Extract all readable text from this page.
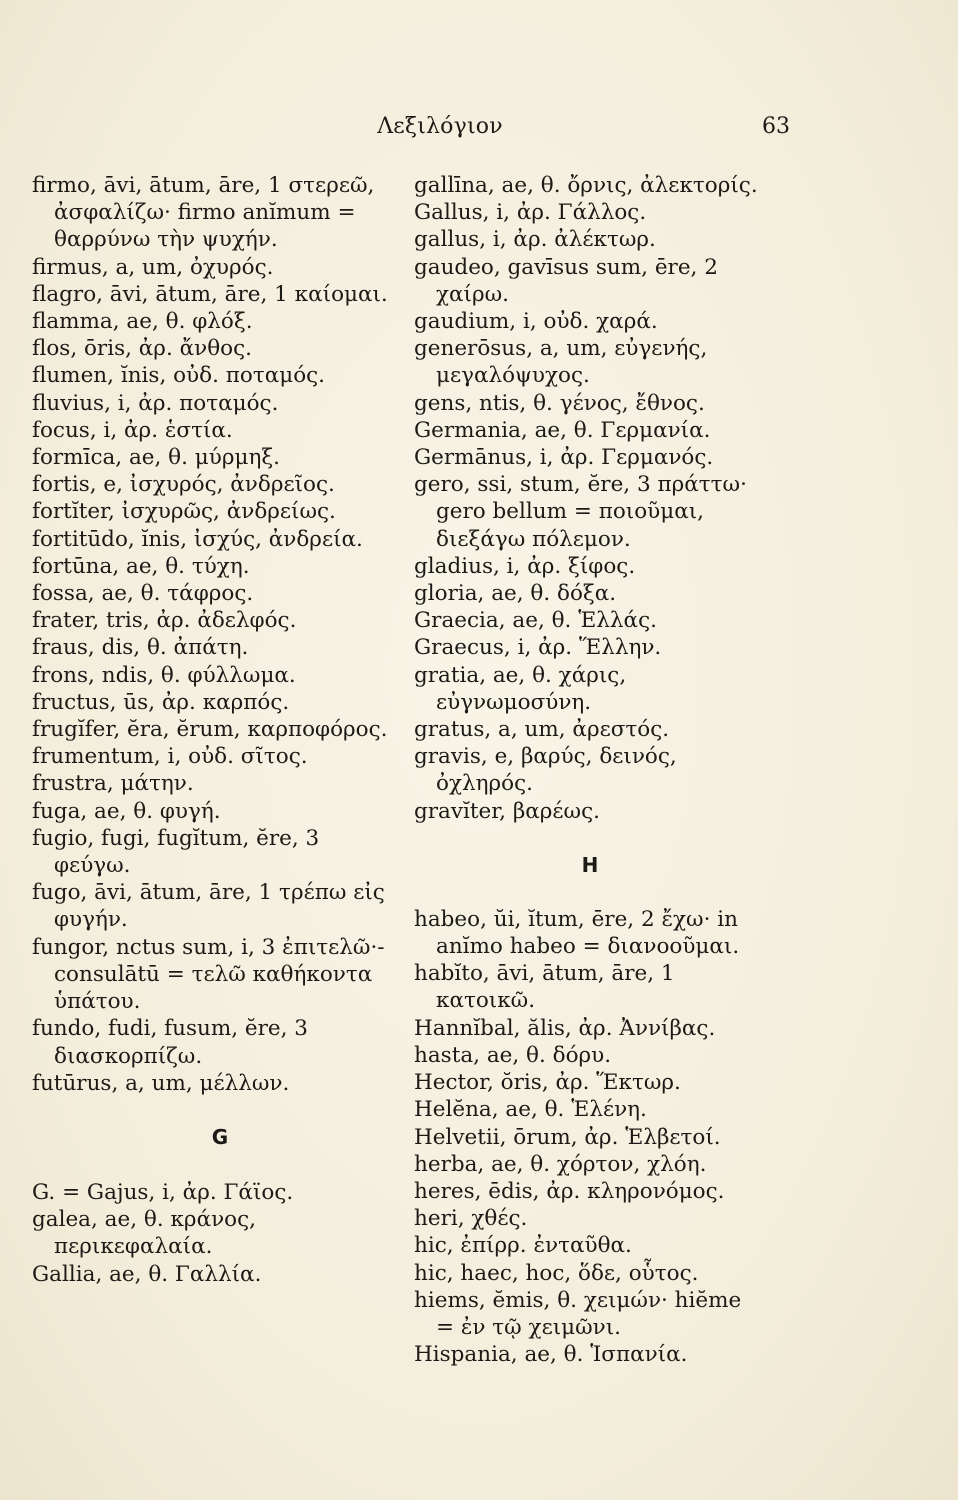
Λεξιλόγιον	63
firmo, āvi, ātum, āre, 1 στερεῶ, ἀσφαλίζω· firmo anĭmum = θαρρύνω τὴν ψυχήν.
firmus, a, um, ὀχυρός.
flagro, āvi, ātum, āre, 1 καίομαι.
flamma, ae, θ. φλόξ.
flos, ōris, ἀρ. ἄνθος.
flumen, ĭnis, οὐδ. ποταμός.
fluvius, i, ἀρ. ποταμός.
focus, i, ἀρ. ἑστία.
formīca, ae, θ. μύρμηξ.
fortis, e, ἰσχυρός, ἀνδρεῖος.
fortĭter, ἰσχυρῶς, ἀνδρείως.
fortitūdo, ĭnis, ἰσχύς, ἀνδρεία.
fortūna, ae, θ. τύχη.
fossa, ae, θ. τάφρος.
frater, tris, ἀρ. ἀδελφός.
fraus, dis, θ. ἀπάτη.
frons, ndis, θ. φύλλωμα.
fructus, ūs, ἀρ. καρπός.
frugĭfer, ĕra, ĕrum, καρποφόρος.
frumentum, i, οὐδ. σῖτος.
frustra, μάτην.
fuga, ae, θ. φυγή.
fugio, fugi, fugĭtum, ĕre, 3 φεύγω.
fugo, āvi, ātum, āre, 1 τρέπω εἰς φυγήν.
fungor, nctus sum, i, 3 ἐπιτελῶ·-consulātū = τελῶ καθήκοντα ὑπάτου.
fundo, fudi, fusum, ĕre, 3 διασκορπίζω.
futūrus, a, um, μέλλων.
G
G. = Gajus, i, ἀρ. Γάϊος.
galea, ae, θ. κράνος, περικεφαλαία.
Gallia, ae, θ. Γαλλία.
gallīna, ae, θ. ὄρνις, ἀλεκτορίς.
Gallus, i, ἀρ. Γάλλος.
gallus, i, ἀρ. ἀλέκτωρ.
gaudeo, gavīsus sum, ēre, 2 χαίρω.
gaudium, i, οὐδ. χαρά.
generōsus, a, um, εὐγενής, μεγαλόψυχος.
gens, ntis, θ. γένος, ἔθνος.
Germania, ae, θ. Γερμανία.
Germānus, i, ἀρ. Γερμανός.
gero, ssi, stum, ĕre, 3 πράττω· gero bellum = ποιοῦμαι, διεξάγω πόλεμον.
gladius, i, ἀρ. ξίφος.
gloria, ae, θ. δόξα.
Graecia, ae, θ. Ἑλλάς.
Graecus, i, ἀρ. Ἕλλην.
gratia, ae, θ. χάρις, εὐγνωμοσύνη.
gratus, a, um, ἀρεστός.
gravis, e, βαρύς, δεινός, ὀχληρός.
gravĭter, βαρέως.
H
habeo, ŭi, ĭtum, ēre, 2 ἔχω· in anĭmo habeo = διανοοῦμαι.
habĭto, āvi, ātum, āre, 1 κατοικῶ.
Hannĭbal, ălis, ἀρ. Ἀννίβας.
hasta, ae, θ. δόρυ.
Hector, ŏris, ἀρ. Ἕκτωρ.
Helĕna, ae, θ. Ἑλένη.
Helvetii, ōrum, ἀρ. Ἑλβετοί.
herba, ae, θ. χόρτον, χλόη.
heres, ēdis, ἀρ. κληρονόμος.
heri, χθές.
hic, ἐπίρρ. ἐνταῦθα.
hic, haec, hoc, ὅδε, οὗτος.
hiems, ĕmis, θ. χειμών· hiĕme = ἐν τῷ χειμῶνι.
Hispania, ae, θ. Ἱσπανία.
